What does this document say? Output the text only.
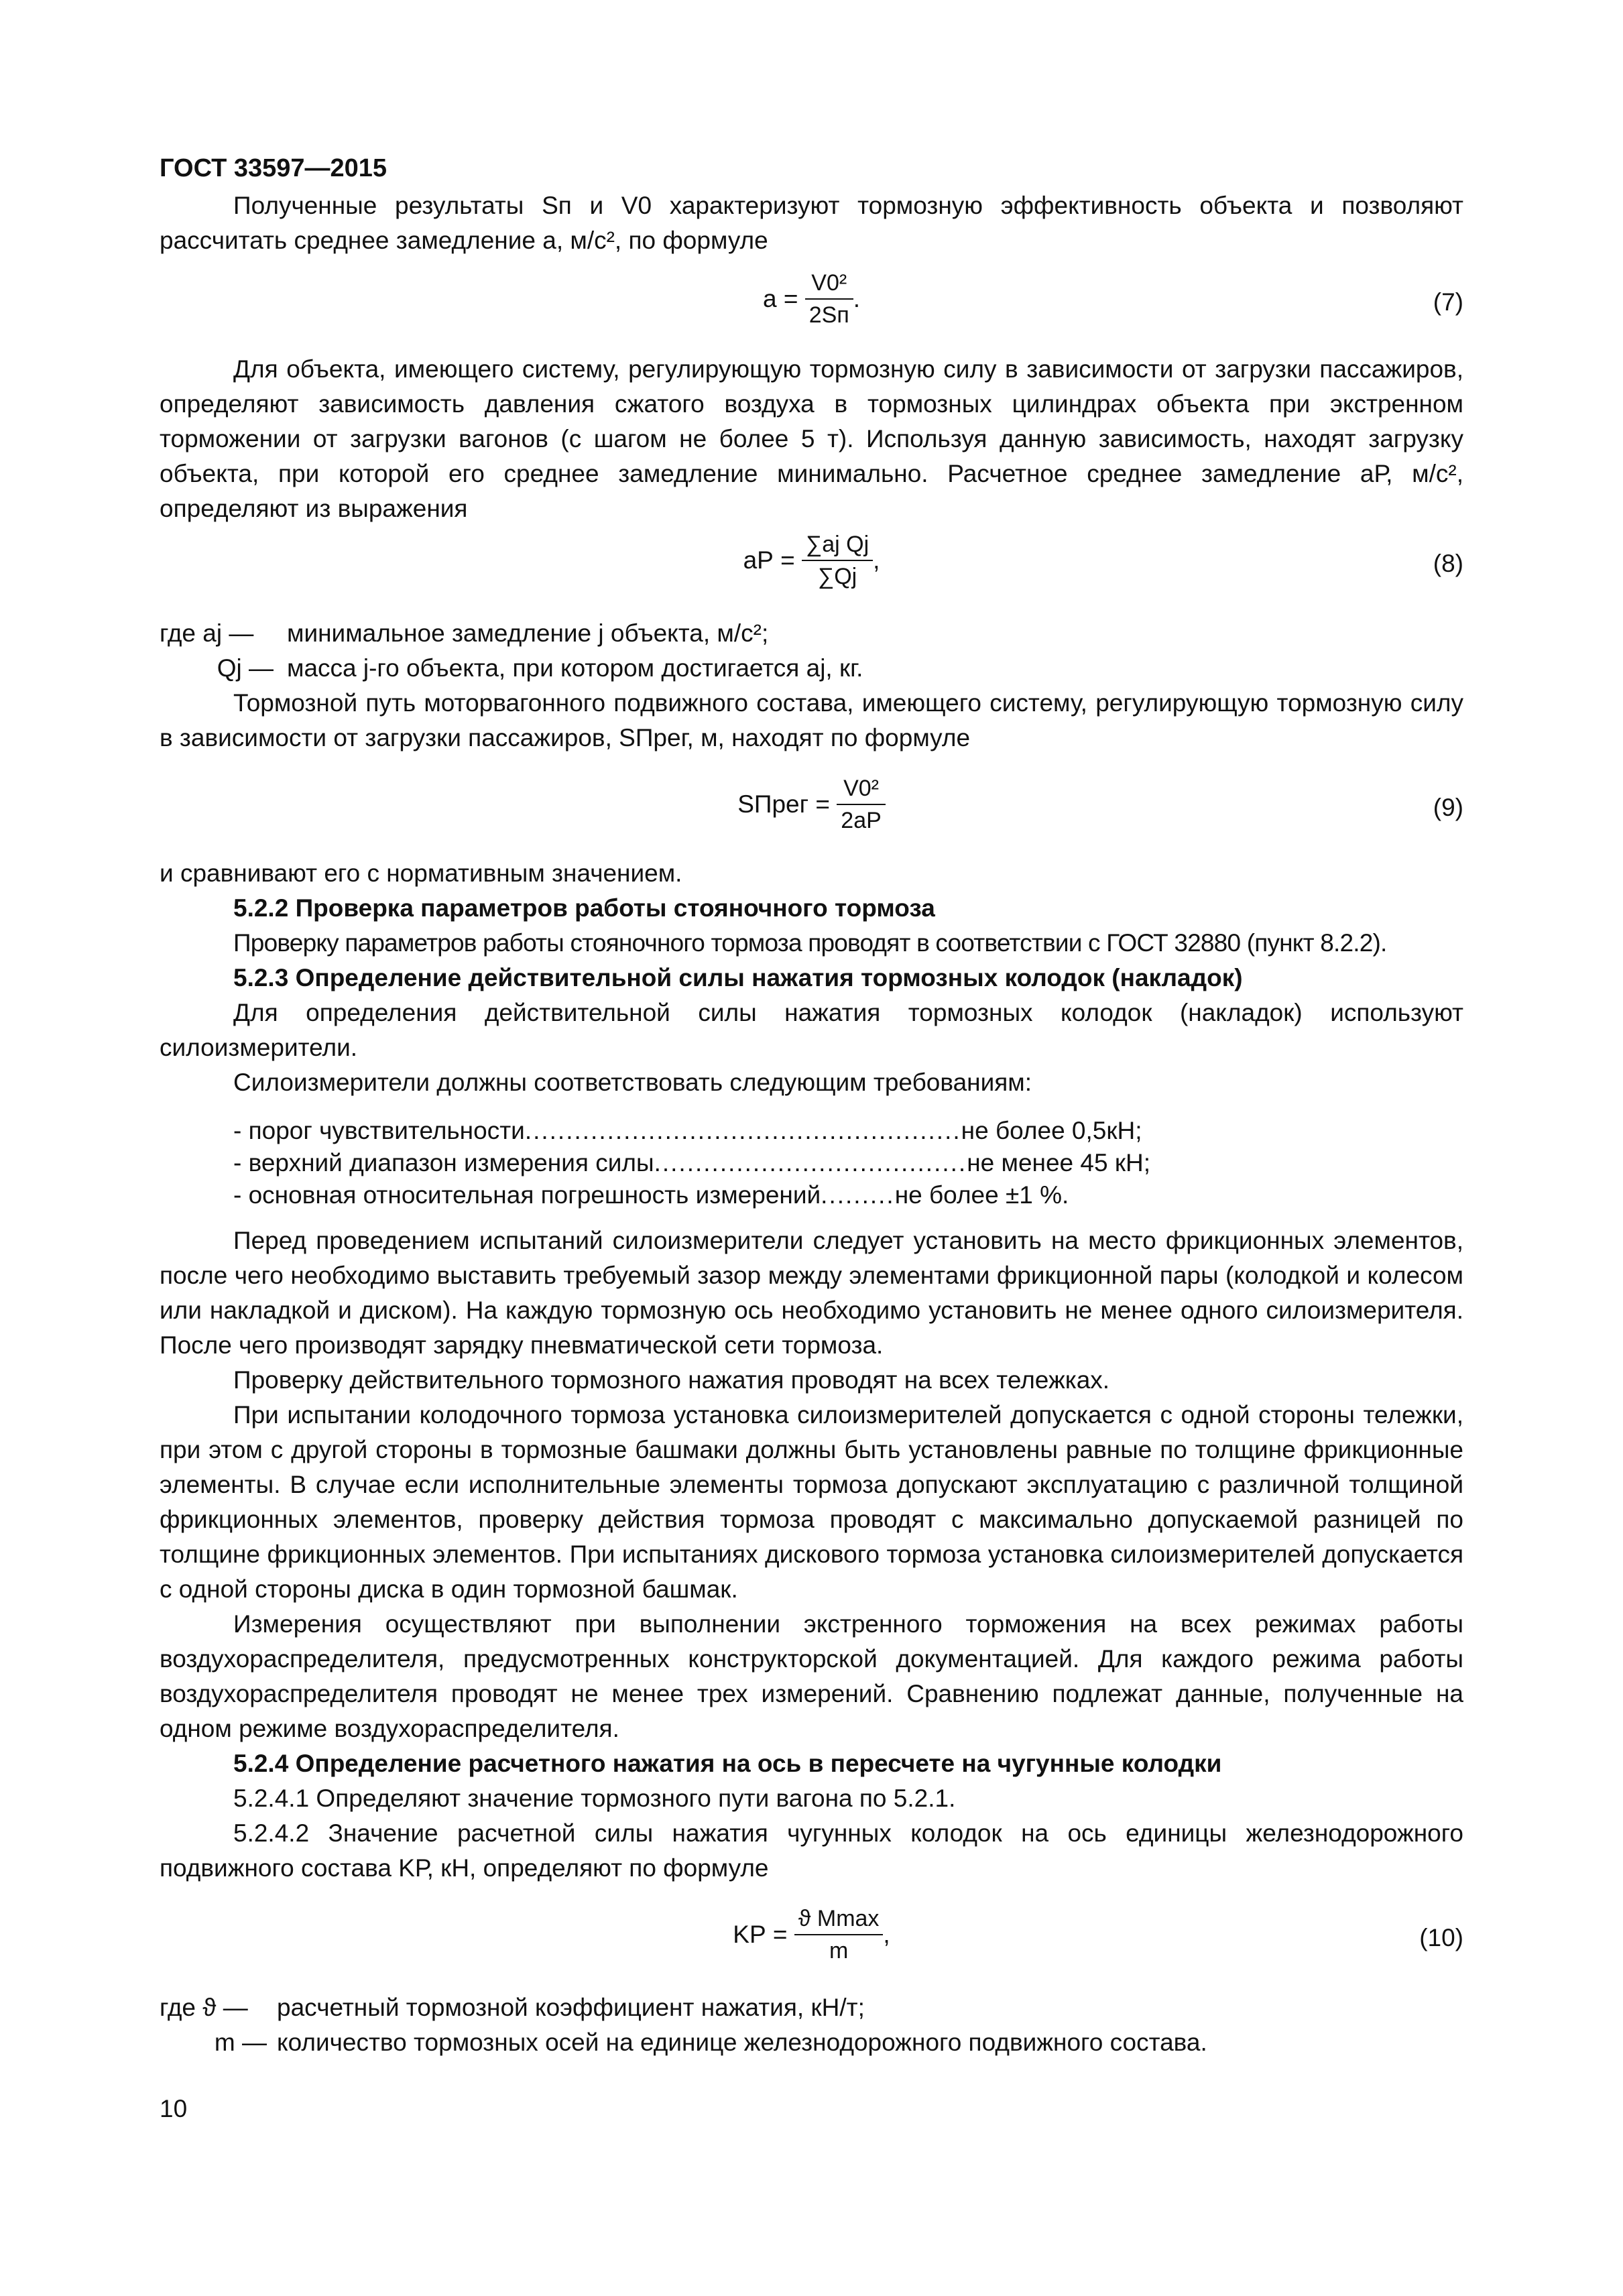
ГОСТ 33597—2015

Полученные результаты Sп и V0 характеризуют тормозную эффективность объекта и позволяют рассчитать среднее замедление a, м/с², по формуле

$a = \frac{\text{V0²}}{2Sп}$ .	(7)

Для объекта, имеющего систему, регулирующую тормозную силу в зависимости от загрузки пассажиров, определяют зависимость давления сжатого воздуха в тормозных цилиндрах объекта при экстренном торможении от загрузки вагонов (с шагом не более 5 т). Используя данную зависимость, находят загрузку объекта, при которой его среднее замедление минимально. Расчетное среднее замедление aР, м/с², определяют из выражения

aР = $\frac{\text{∑aj Qj}}{\sum Qj}$ ,	(8)
где aj — минимальное замедление j объекта, м/с²;
Qj — масса j-го объекта, при котором достигается aj, кг.

Тормозной путь моторвагонного подвижного состава, имеющего систему, регулирующую тормозную силу в зависимости от загрузки пассажиров, SПрег, м, находят по формуле

SПрег = $\frac{\text{V0²}}{2aР}$	(9)

и сравнивают его с нормативным значением.

5.2.2 Проверка параметров работы стояночного тормоза

Проверку параметров работы стояночного тормоза проводят в соответствии с ГОСТ 32880 (пункт 8.2.2).

5.2.3 Определение действительной силы нажатия тормозных колодок (накладок)

Для определения действительной силы нажатия тормозных колодок (накладок) используют силоизмерители.

Силоизмерители должны соответствовать следующим требованиям:

- порог чувствительности.....................................................не более 0,5кН;
- верхний диапазон измерения силы......................................не менее 45 кН;
- основная относительная погрешность измерений.........не более ±1 %.

Перед проведением испытаний силоизмерители следует установить на место фрикционных элементов, после чего необходимо выставить требуемый зазор между элементами фрикционной пары (колодкой и колесом или накладкой и диском). На каждую тормозную ось необходимо установить не менее одного силоизмерителя. После чего производят зарядку пневматической сети тормоза.

Проверку действительного тормозного нажатия проводят на всех тележках.

При испытании колодочного тормоза установка силоизмерителей допускается с одной стороны тележки, при этом с другой стороны в тормозные башмаки должны быть установлены равные по толщине фрикционные элементы. В случае если исполнительные элементы тормоза допускают эксплуатацию с различной толщиной фрикционных элементов, проверку действия тормоза проводят с максимально допускаемой разницей по толщине фрикционных элементов. При испытаниях дискового тормоза установка силоизмерителей допускается с одной стороны диска в один тормозной башмак.

Измерения осуществляют при выполнении экстренного торможения на всех режимах работы воздухораспределителя, предусмотренных конструкторской документацией. Для каждого режима работы воздухораспределителя проводят не менее трех измерений. Сравнению подлежат данные, полученные на одном режиме воздухораспределителя.

5.2.4 Определение расчетного нажатия на ось в пересчете на чугунные колодки

5.2.4.1 Определяют значение тормозного пути вагона по 5.2.1.

5.2.4.2 Значение расчетной силы нажатия чугунных колодок на ось единицы железнодорожного подвижного состава KР, кН, определяют по формуле

KР = $\frac{\text{ϑ Mmax}}{m}$ ,	(10)
где ϑ — расчетный тормозной коэффициент нажатия, кН/т;
m — количество тормозных осей на единице железнодорожного подвижного состава.
10
